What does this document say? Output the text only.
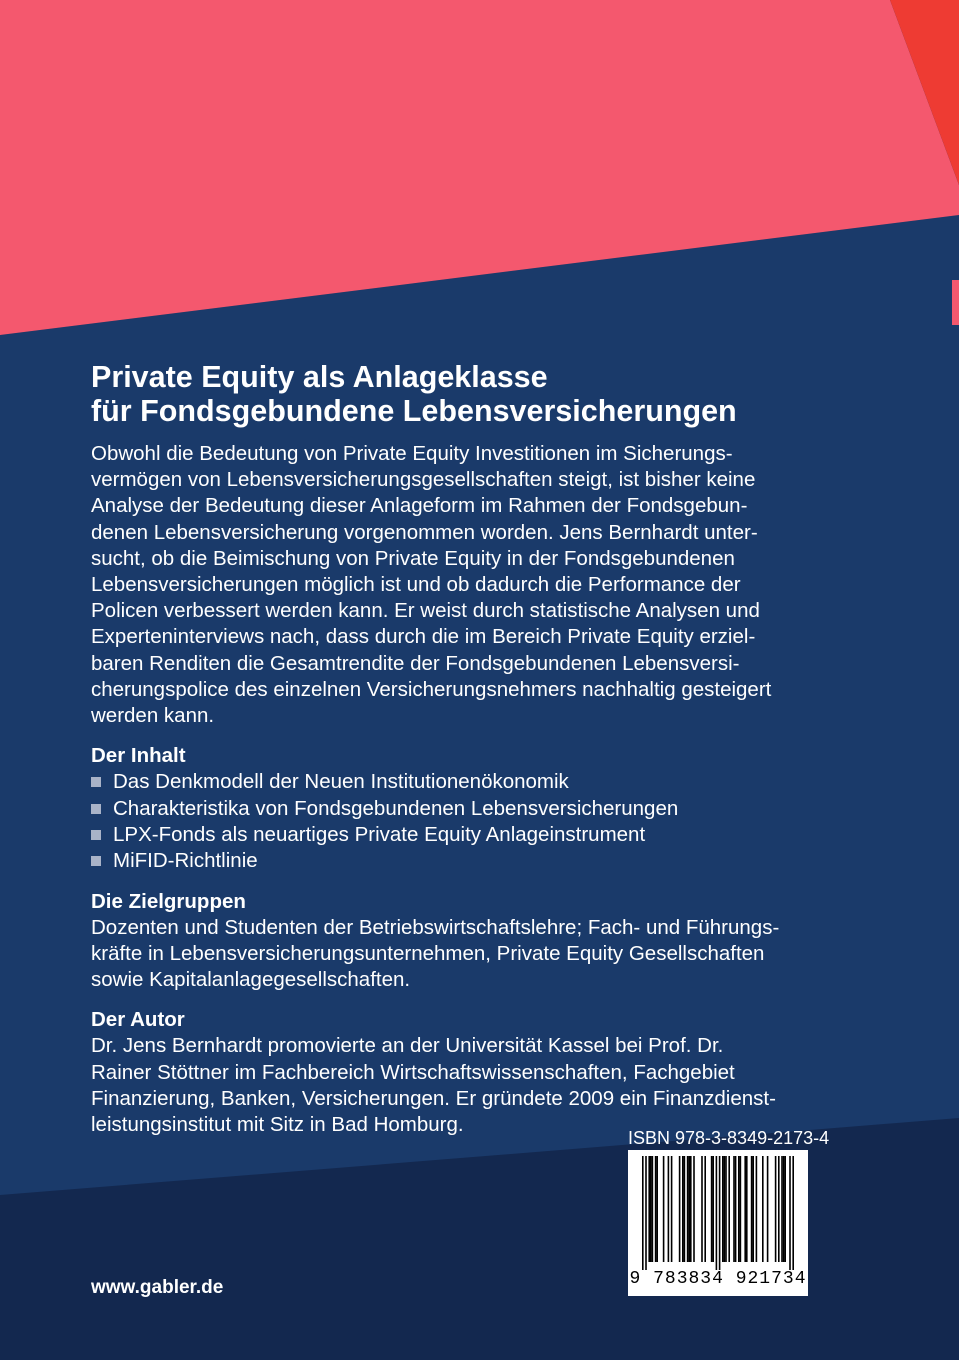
Private Equity als Anlageklasse
für Fondsgebundene Lebensversicherungen

Obwohl die Bedeutung von Private Equity Investitionen im Sicherungs-
vermögen von Lebensversicherungsgesellschaften steigt, ist bisher keine
Analyse der Bedeutung dieser Anlageform im Rahmen der Fondsgebun-
denen Lebensversicherung vorgenommen worden. Jens Bernhardt unter-
sucht, ob die Beimischung von Private Equity in der Fondsgebundenen
Lebensversicherungen möglich ist und ob dadurch die Performance der
Policen verbessert werden kann. Er weist durch statistische Analysen und
Experteninterviews nach, dass durch die im Bereich Private Equity erziel-
baren Renditen die Gesamtrendite der Fondsgebundenen Lebensversi-
cherungspolice des einzelnen Versicherungsnehmers nachhaltig gesteigert
werden kann.

Der Inhalt
Das Denkmodell der Neuen Institutionenökonomik
Charakteristika von Fondsgebundenen Lebensversicherungen
LPX-Fonds als neuartiges Private Equity Anlageinstrument
MiFID-Richtlinie
Die Zielgruppen

Dozenten und Studenten der Betriebswirtschaftslehre; Fach- und Führungs-
kräfte in Lebensversicherungsunternehmen, Private Equity Gesellschaften
sowie Kapitalanlagegesellschaften.

Der Autor

Dr. Jens Bernhardt promovierte an der Universität Kassel bei Prof. Dr.
Rainer Stöttner im Fachbereich Wirtschaftswissenschaften, Fachgebiet
Finanzierung, Banken, Versicherungen. Er gründete 2009 ein Finanzdienst-
leistungsinstitut mit Sitz in Bad Homburg.

ISBN 978-3-8349-2173-4
9 783834 921734
www.gabler.de
